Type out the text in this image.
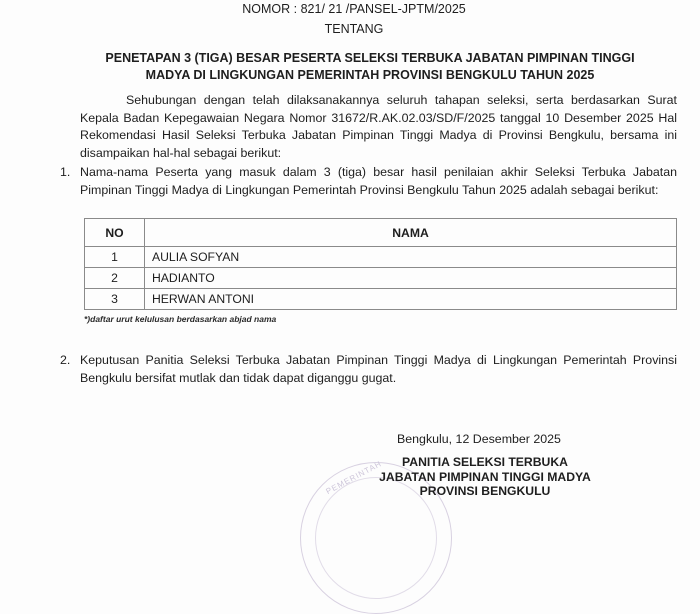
NOMOR : 821/ 21 /PANSEL-JPTM/2025
TENTANG
PENETAPAN 3 (TIGA) BESAR PESERTA SELEKSI TERBUKA JABATAN PIMPINAN TINGGI
MADYA DI LINGKUNGAN PEMERINTAH PROVINSI BENGKULU TAHUN 2025
Sehubungan dengan telah dilaksanakannya seluruh tahapan seleksi, serta berdasarkan Surat Kepala Badan Kepegawaian Negara Nomor 31672/R.AK.02.03/SD/F/2025 tanggal 10 Desember 2025 Hal Rekomendasi Hasil Seleksi Terbuka Jabatan Pimpinan Tinggi Madya di Provinsi Bengkulu, bersama ini disampaikan hal-hal sebagai berikut:
1. Nama-nama Peserta yang masuk dalam 3 (tiga) besar hasil penilaian akhir Seleksi Terbuka Jabatan Pimpinan Tinggi Madya di Lingkungan Pemerintah Provinsi Bengkulu Tahun 2025 adalah sebagai berikut:
NO	NAMA
1	AULIA SOFYAN
2	HADIANTO
3	HERWAN ANTONI
*)daftar urut kelulusan berdasarkan abjad nama
2. Keputusan Panitia Seleksi Terbuka Jabatan Pimpinan Tinggi Madya di Lingkungan Pemerintah Provinsi Bengkulu bersifat mutlak dan tidak dapat diganggu gugat.
PEMERINTAH
Bengkulu, 12 Desember 2025
PANITIA SELEKSI TERBUKA
JABATAN PIMPINAN TINGGI MADYA
PROVINSI BENGKULU
